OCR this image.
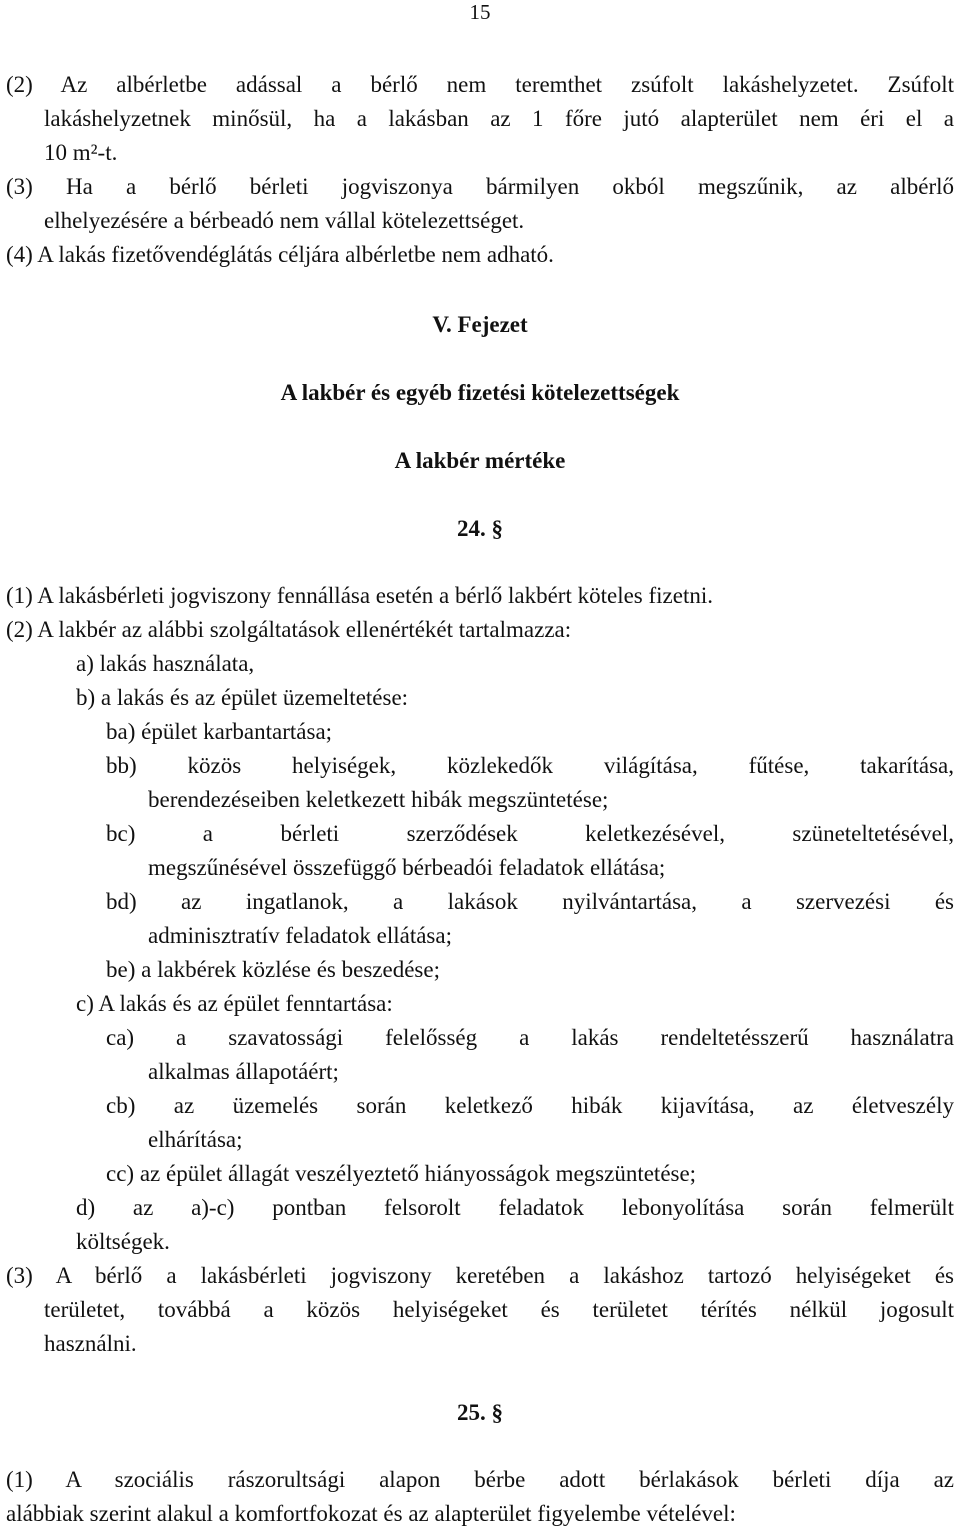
15
(2) Az albérletbe adással a bérlő nem teremthet zsúfolt lakáshelyzetet. Zsúfolt
lakáshelyzetnek minősül, ha a lakásban az 1 főre jutó alapterület nem éri el a
10 m²-t.
(3) Ha a bérlő bérleti jogviszonya bármilyen okból megszűnik, az albérlő
elhelyezésére a bérbeadó nem vállal kötelezettséget.
(4) A lakás fizetővendéglátás céljára albérletbe nem adható.
V. Fejezet
A lakbér és egyéb fizetési kötelezettségek
A lakbér mértéke
24. §
(1) A lakásbérleti jogviszony fennállása esetén a bérlő lakbért köteles fizetni.
(2) A lakbér az alábbi szolgáltatások ellenértékét tartalmazza:
a) lakás használata,
b) a lakás és az épület üzemeltetése:
ba) épület karbantartása;
bb) közös helyiségek, közlekedők világítása, fűtése, takarítása,
berendezéseiben keletkezett hibák megszüntetése;
bc) a bérleti szerződések keletkezésével, szüneteltetésével,
megszűnésével összefüggő bérbeadói feladatok ellátása;
bd) az ingatlanok, a lakások nyilvántartása, a szervezési és
adminisztratív feladatok ellátása;
be) a lakbérek közlése és beszedése;
c) A lakás és az épület fenntartása:
ca) a szavatossági felelősség a lakás rendeltetésszerű használatra
alkalmas állapotáért;
cb) az üzemelés során keletkező hibák kijavítása, az életveszély
elhárítása;
cc) az épület állagát veszélyeztető hiányosságok megszüntetése;
d) az a)-c) pontban felsorolt feladatok lebonyolítása során felmerült
költségek.
(3) A bérlő a lakásbérleti jogviszony keretében a lakáshoz tartozó helyiségeket és
területet, továbbá a közös helyiségeket és területet térítés nélkül jogosult
használni.
25. §
(1) A szociális rászorultsági alapon bérbe adott bérlakások bérleti díja az
alábbiak szerint alakul a komfortfokozat és az alapterület figyelembe vételével:
